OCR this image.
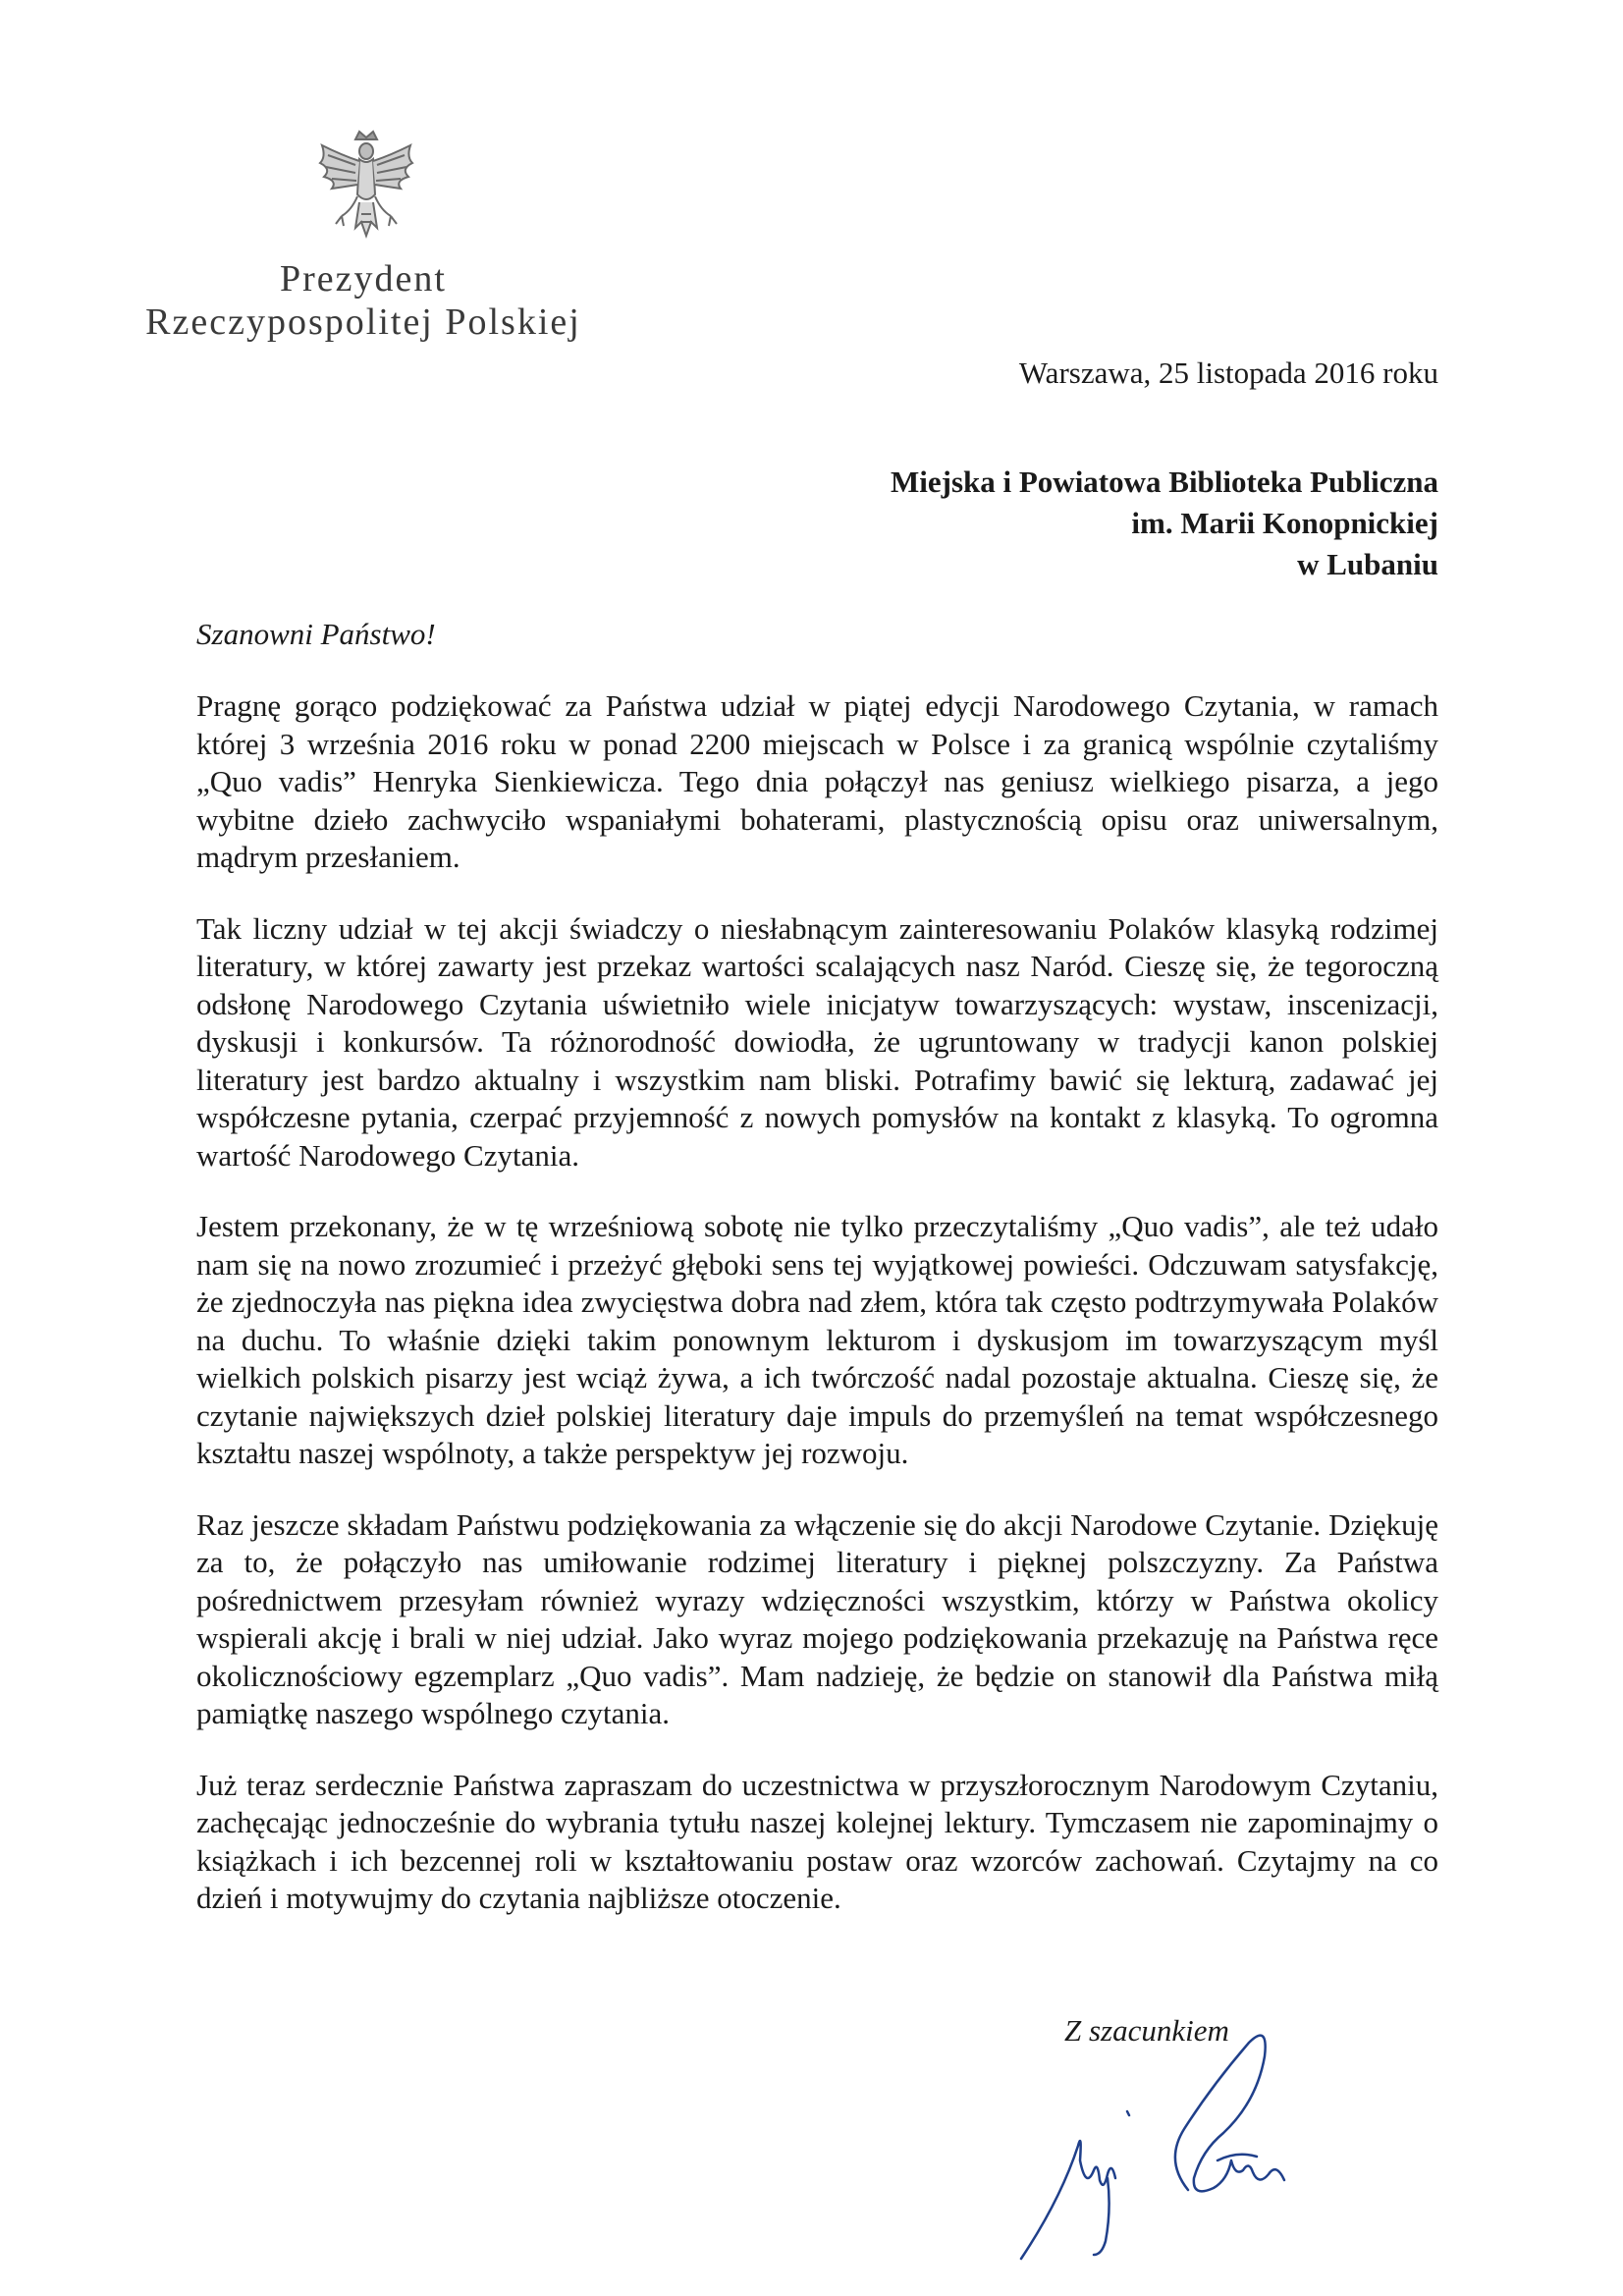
Prezydent
Rzeczypospolitej Polskiej
Warszawa, 25 listopada 2016 roku
Miejska i Powiatowa Biblioteka Publiczna
im. Marii Konopnickiej
w Lubaniu
Szanowni Państwo!

Pragnę gorąco podziękować za Państwa udział w piątej edycji Narodowego Czytania, w ramach której 3 września 2016 roku w ponad 2200 miejscach w Polsce i za granicą wspólnie czytaliśmy „Quo vadis” Henryka Sienkiewicza. Tego dnia połączył nas geniusz wielkiego pisarza, a jego wybitne dzieło zachwyciło wspaniałymi bohaterami, plastycznością opisu oraz uniwersalnym, mądrym przesłaniem.

Tak liczny udział w tej akcji świadczy o niesłabnącym zainteresowaniu Polaków klasyką rodzimej literatury, w której zawarty jest przekaz wartości scalających nasz Naród. Cieszę się, że tegoroczną odsłonę Narodowego Czytania uświetniło wiele inicjatyw towarzyszących: wystaw, inscenizacji, dyskusji i konkursów. Ta różnorodność dowiodła, że ugruntowany w tradycji kanon polskiej literatury jest bardzo aktualny i wszystkim nam bliski. Potrafimy bawić się lekturą, zadawać jej współczesne pytania, czerpać przyjemność z nowych pomysłów na kontakt z klasyką. To ogromna wartość Narodowego Czytania.

Jestem przekonany, że w tę wrześniową sobotę nie tylko przeczytaliśmy „Quo vadis”, ale też udało nam się na nowo zrozumieć i przeżyć głęboki sens tej wyjątkowej powieści. Odczuwam satysfakcję, że zjednoczyła nas piękna idea zwycięstwa dobra nad złem, która tak często podtrzymywała Polaków na duchu. To właśnie dzięki takim ponownym lekturom i dyskusjom im towarzyszącym myśl wielkich polskich pisarzy jest wciąż żywa, a ich twórczość nadal pozostaje aktualna. Cieszę się, że czytanie największych dzieł polskiej literatury daje impuls do przemyśleń na temat współczesnego kształtu naszej wspólnoty, a także perspektyw jej rozwoju.

Raz jeszcze składam Państwu podziękowania za włączenie się do akcji Narodowe Czytanie. Dziękuję za to, że połączyło nas umiłowanie rodzimej literatury i pięknej polszczyzny. Za Państwa pośrednictwem przesyłam również wyrazy wdzięczności wszystkim, którzy w Państwa okolicy wspierali akcję i brali w niej udział. Jako wyraz mojego podziękowania przekazuję na Państwa ręce okolicznościowy egzemplarz „Quo vadis”. Mam nadzieję, że będzie on stanowił dla Państwa miłą pamiątkę naszego wspólnego czytania.

Już teraz serdecznie Państwa zapraszam do uczestnictwa w przyszłorocznym Narodowym Czytaniu, zachęcając jednocześnie do wybrania tytułu naszej kolejnej lektury. Tymczasem nie zapominajmy o książkach i ich bezcennej roli w kształtowaniu postaw oraz wzorców zachowań. Czytajmy na co dzień i motywujmy do czytania najbliższe otoczenie.

Z szacunkiem
